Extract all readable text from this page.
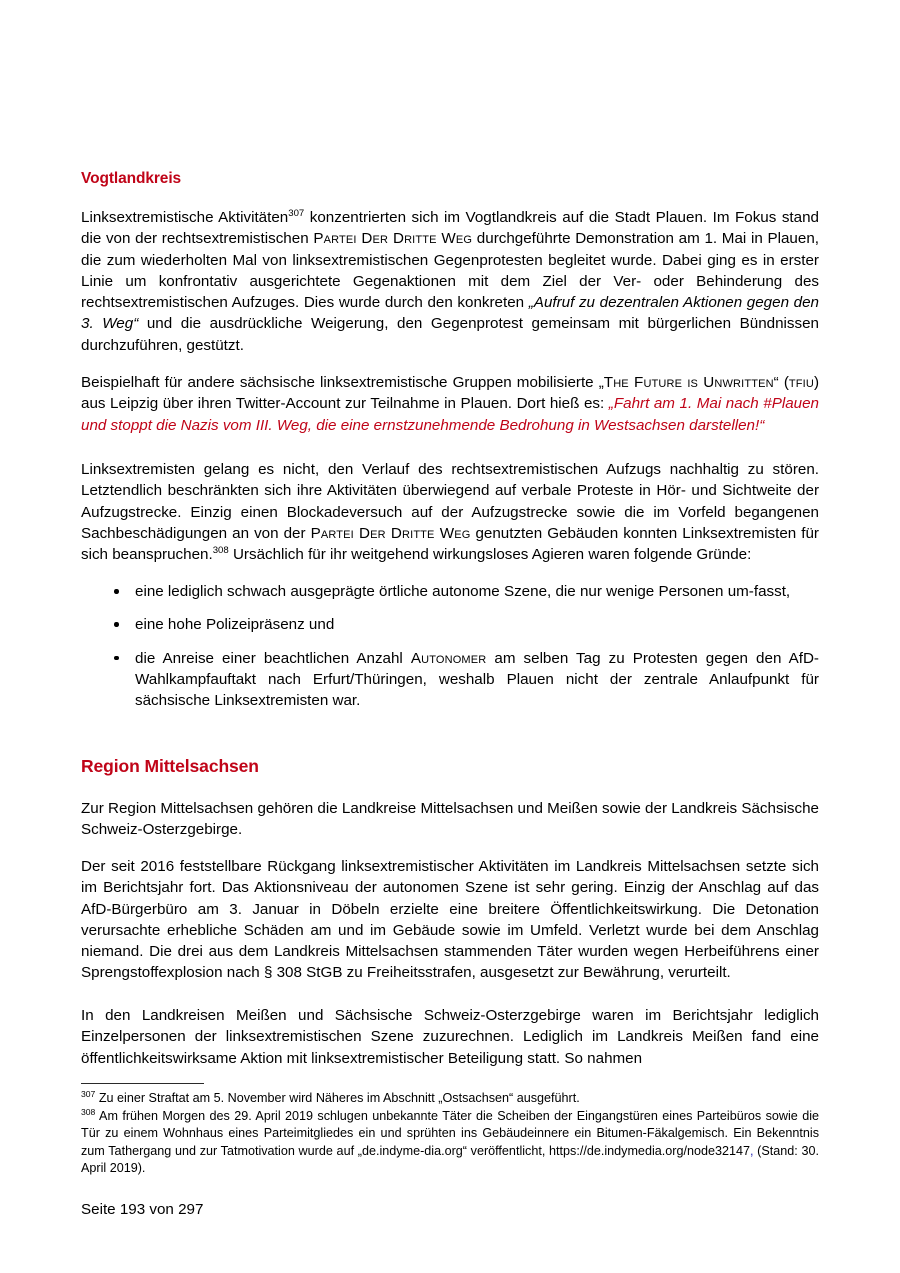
Vogtlandkreis

Linksextremistische Aktivitäten$^{307}$ konzentrierten sich im Vogtlandkreis auf die Stadt Plauen. Im Fokus stand die von der rechtsextremistischen Partei Der Dritte Weg durchgeführte Demonstration am 1. Mai in Plauen, die zum wiederholten Mal von linksextremistischen Gegenprotesten begleitet wurde. Dabei ging es in erster Linie um konfrontativ ausgerichtete Gegenaktionen mit dem Ziel der Ver- oder Behinderung des rechtsextremistischen Aufzuges. Dies wurde durch den konkreten „Aufruf zu dezentralen Aktionen gegen den 3. Weg“ und die ausdrückliche Weigerung, den Gegenprotest gemeinsam mit bürgerlichen Bündnissen durchzuführen, gestützt.

Beispielhaft für andere sächsische linksextremistische Gruppen mobilisierte „The Future is Unwritten“ (tfiu) aus Leipzig über ihren Twitter-Account zur Teilnahme in Plauen. Dort hieß es: „Fahrt am 1. Mai nach #Plauen und stoppt die Nazis vom III. Weg, die eine ernstzunehmende Bedrohung in Westsachsen darstellen!“

Linksextremisten gelang es nicht, den Verlauf des rechtsextremistischen Aufzugs nachhaltig zu stören. Letztendlich beschränkten sich ihre Aktivitäten überwiegend auf verbale Proteste in Hör- und Sichtweite der Aufzugstrecke. Einzig einen Blockadeversuch auf der Aufzugstrecke sowie die im Vorfeld begangenen Sachbeschädigungen an von der Partei Der Dritte Weg genutzten Gebäuden konnten Linksextremisten für sich beanspruchen.$^{308}$ Ursächlich für ihr weitgehend wirkungsloses Agieren waren folgende Gründe:

eine lediglich schwach ausgeprägte örtliche autonome Szene, die nur wenige Personen um-fasst,
eine hohe Polizeipräsenz und
die Anreise einer beachtlichen Anzahl Autonomer am selben Tag zu Protesten gegen den AfD-Wahlkampfauftakt nach Erfurt/Thüringen, weshalb Plauen nicht der zentrale Anlaufpunkt für sächsische Linksextremisten war.
Region Mittelsachsen

Zur Region Mittelsachsen gehören die Landkreise Mittelsachsen und Meißen sowie der Landkreis Sächsische Schweiz-Osterzgebirge.

Der seit 2016 feststellbare Rückgang linksextremistischer Aktivitäten im Landkreis Mittelsachsen setzte sich im Berichtsjahr fort. Das Aktionsniveau der autonomen Szene ist sehr gering. Einzig der Anschlag auf das AfD-Bürgerbüro am 3. Januar in Döbeln erzielte eine breitere Öffentlichkeitswirkung. Die Detonation verursachte erhebliche Schäden am und im Gebäude sowie im Umfeld. Verletzt wurde bei dem Anschlag niemand. Die drei aus dem Landkreis Mittelsachsen stammenden Täter wurden wegen Herbeiführens einer Sprengstoffexplosion nach § 308 StGB zu Freiheitsstrafen, ausgesetzt zur Bewährung, verurteilt.

In den Landkreisen Meißen und Sächsische Schweiz-Osterzgebirge waren im Berichtsjahr lediglich Einzelpersonen der linksextremistischen Szene zuzurechnen. Lediglich im Landkreis Meißen fand eine öffentlichkeitswirksame Aktion mit linksextremistischer Beteiligung statt. So nahmen

$^{307}$ Zu einer Straftat am 5. November wird Näheres im Abschnitt „Ostsachsen“ ausgeführt.

$^{308}$ Am frühen Morgen des 29. April 2019 schlugen unbekannte Täter die Scheiben der Eingangstüren eines Parteibüros sowie die Tür zu einem Wohnhaus eines Parteimitgliedes ein und sprühten ins Gebäudeinnere ein Bitumen-Fäkalgemisch. Ein Bekenntnis zum Tathergang und zur Tatmotivation wurde auf „de.indyme-dia.org“ veröffentlicht, https://de.indymedia.org/node32147, (Stand: 30. April 2019).

Seite 193 von 297
